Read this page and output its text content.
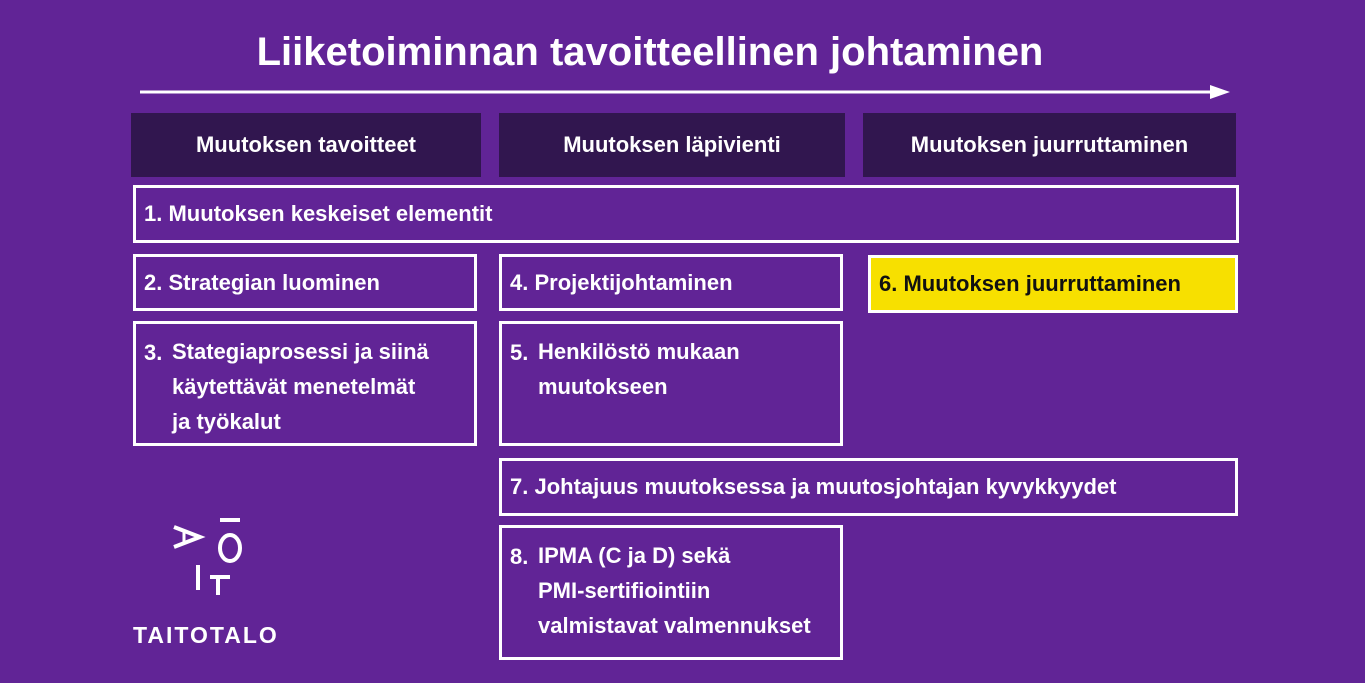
Liiketoiminnan tavoitteellinen johtaminen
Muutoksen tavoitteet	Muutoksen läpivienti	Muutoksen juurruttaminen
1.
Muutoksen keskeiset elementit
2.
Strategian luominen
3. Stategiaprosessi ja siinä
käytettävät menetelmät
ja työkalut
4.
Projektijohtaminen
5. Henkilöstö mukaan
muutokseen
6.
Muutoksen juurruttaminen
7.
Johtajuus muutoksessa ja muutosjohtajan kyvykkyydet
8. IPMA (C ja D) sekä
PMI-sertifiointiin
valmistavat valmennukset
TAITOTALO
